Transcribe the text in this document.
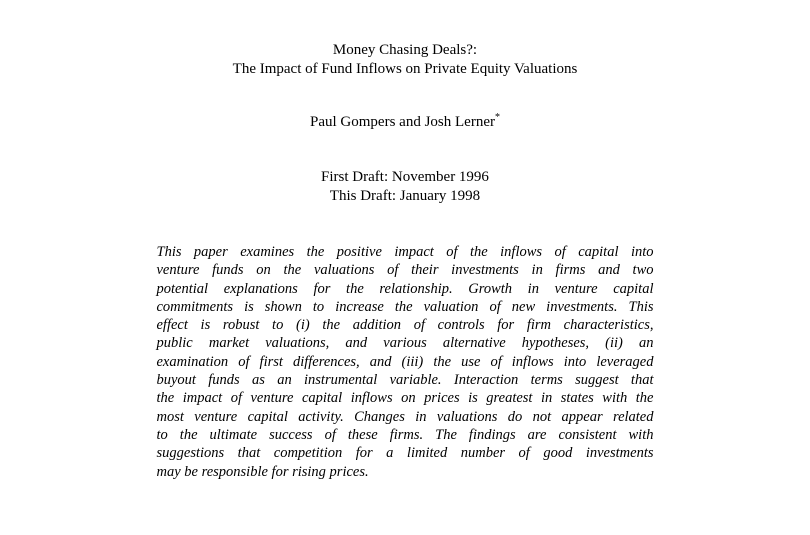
Money Chasing Deals?:
The Impact of Fund Inflows on Private Equity Valuations
Paul Gompers and Josh Lerner*
First Draft: November 1996
This Draft: January 1998
This paper examines the positive impact of the inflows of capital into
venture funds on the valuations of their investments in firms and two
potential explanations for the relationship. Growth in venture capital
commitments is shown to increase the valuation of new investments. This
effect is robust to (i) the addition of controls for firm characteristics,
public market valuations, and various alternative hypotheses, (ii) an
examination of first differences, and (iii) the use of inflows into leveraged
buyout funds as an instrumental variable. Interaction terms suggest that
the impact of venture capital inflows on prices is greatest in states with the
most venture capital activity. Changes in valuations do not appear related
to the ultimate success of these firms. The findings are consistent with
suggestions that competition for a limited number of good investments
may be responsible for rising prices.
